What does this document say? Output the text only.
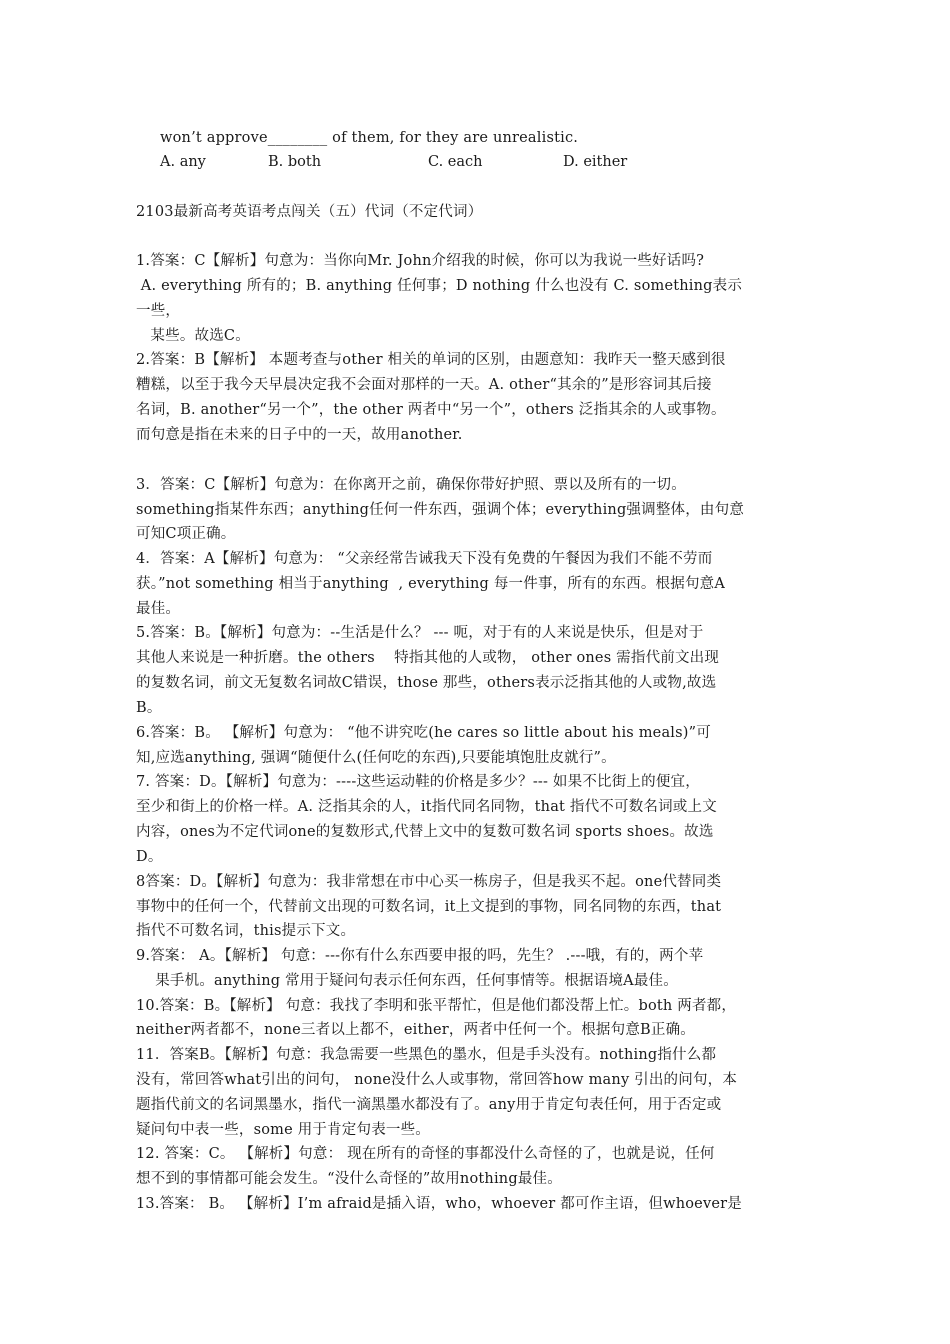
won’t approve________ of them, for they are unrealistic.
A. any	B. both	C. each	D. either
2103最新高考英语考点闯关（五）代词（不定代词）
1.答案：C【解析】句意为：当你向Mr. John介绍我的时候，你可以为我说一些好话吗?
A. everything 所有的；B. anything 任何事；D nothing 什么也没有 C. something表示
一些，
某些。故选C。
2.答案：B【解析】 本题考查与other 相关的单词的区别，由题意知：我昨天一整天感到很
糟糕，以至于我今天早晨决定我不会面对那样的一天。A. other“其余的”是形容词其后接
名词，B. another“另一个”，the other 两者中“另一个”，others 泛指其余的人或事物。
而句意是指在未来的日子中的一天，故用another.
3．答案：C【解析】句意为：在你离开之前，确保你带好护照、票以及所有的一切。
something指某件东西；anything任何一件东西，强调个体；everything强调整体，由句意
可知C项正确。
4．答案：A【解析】句意为： “父亲经常告诫我天下没有免费的午餐因为我们不能不劳而
获。”not something 相当于anything  , everything 每一件事，所有的东西。根据句意A
最佳。
5.答案：B。【解析】句意为：--生活是什么？ --- 呃，对于有的人来说是快乐，但是对于
其他人来说是一种折磨。the others    特指其他的人或物， other ones 需指代前文出现
的复数名词，前文无复数名词故C错误，those 那些，others表示泛指其他的人或物,故选
B。
6.答案：B。 【解析】句意为： “他不讲究吃(he cares so little about his meals)”可
知,应选anything, 强调“随便什么(任何吃的东西),只要能填饱肚皮就行”。
7. 答案：D。【解析】句意为：----这些运动鞋的价格是多少？--- 如果不比街上的便宜，
至少和街上的价格一样。A. 泛指其余的人，it指代同名同物，that 指代不可数名词或上文
内容，ones为不定代词one的复数形式,代替上文中的复数可数名词 sports shoes。故选
D。
8答案：D。【解析】句意为：我非常想在市中心买一栋房子，但是我买不起。one代替同类
事物中的任何一个，代替前文出现的可数名词，it上文提到的事物，同名同物的东西，that
指代不可数名词，this提示下文。
9.答案： A。【解析】 句意：---你有什么东西要申报的吗，先生？ .---哦，有的，两个苹
果手机。anything 常用于疑问句表示任何东西，任何事情等。根据语境A最佳。
10.答案：B。【解析】 句意：我找了李明和张平帮忙，但是他们都没帮上忙。both 两者都，
neither两者都不，none三者以上都不，either，两者中任何一个。根据句意B正确。
11．答案B。【解析】句意：我急需要一些黑色的墨水，但是手头没有。nothing指什么都
没有，常回答what引出的问句， none没什么人或事物，常回答how many 引出的问句，本
题指代前文的名词黑墨水，指代一滴黑墨水都没有了。any用于肯定句表任何，用于否定或
疑问句中表一些，some 用于肯定句表一些。
12. 答案：C。 【解析】句意： 现在所有的奇怪的事都没什么奇怪的了，也就是说，任何
想不到的事情都可能会发生。“没什么奇怪的”故用nothing最佳。
13.答案： B。 【解析】I’m afraid是插入语，who，whoever 都可作主语，但whoever是
